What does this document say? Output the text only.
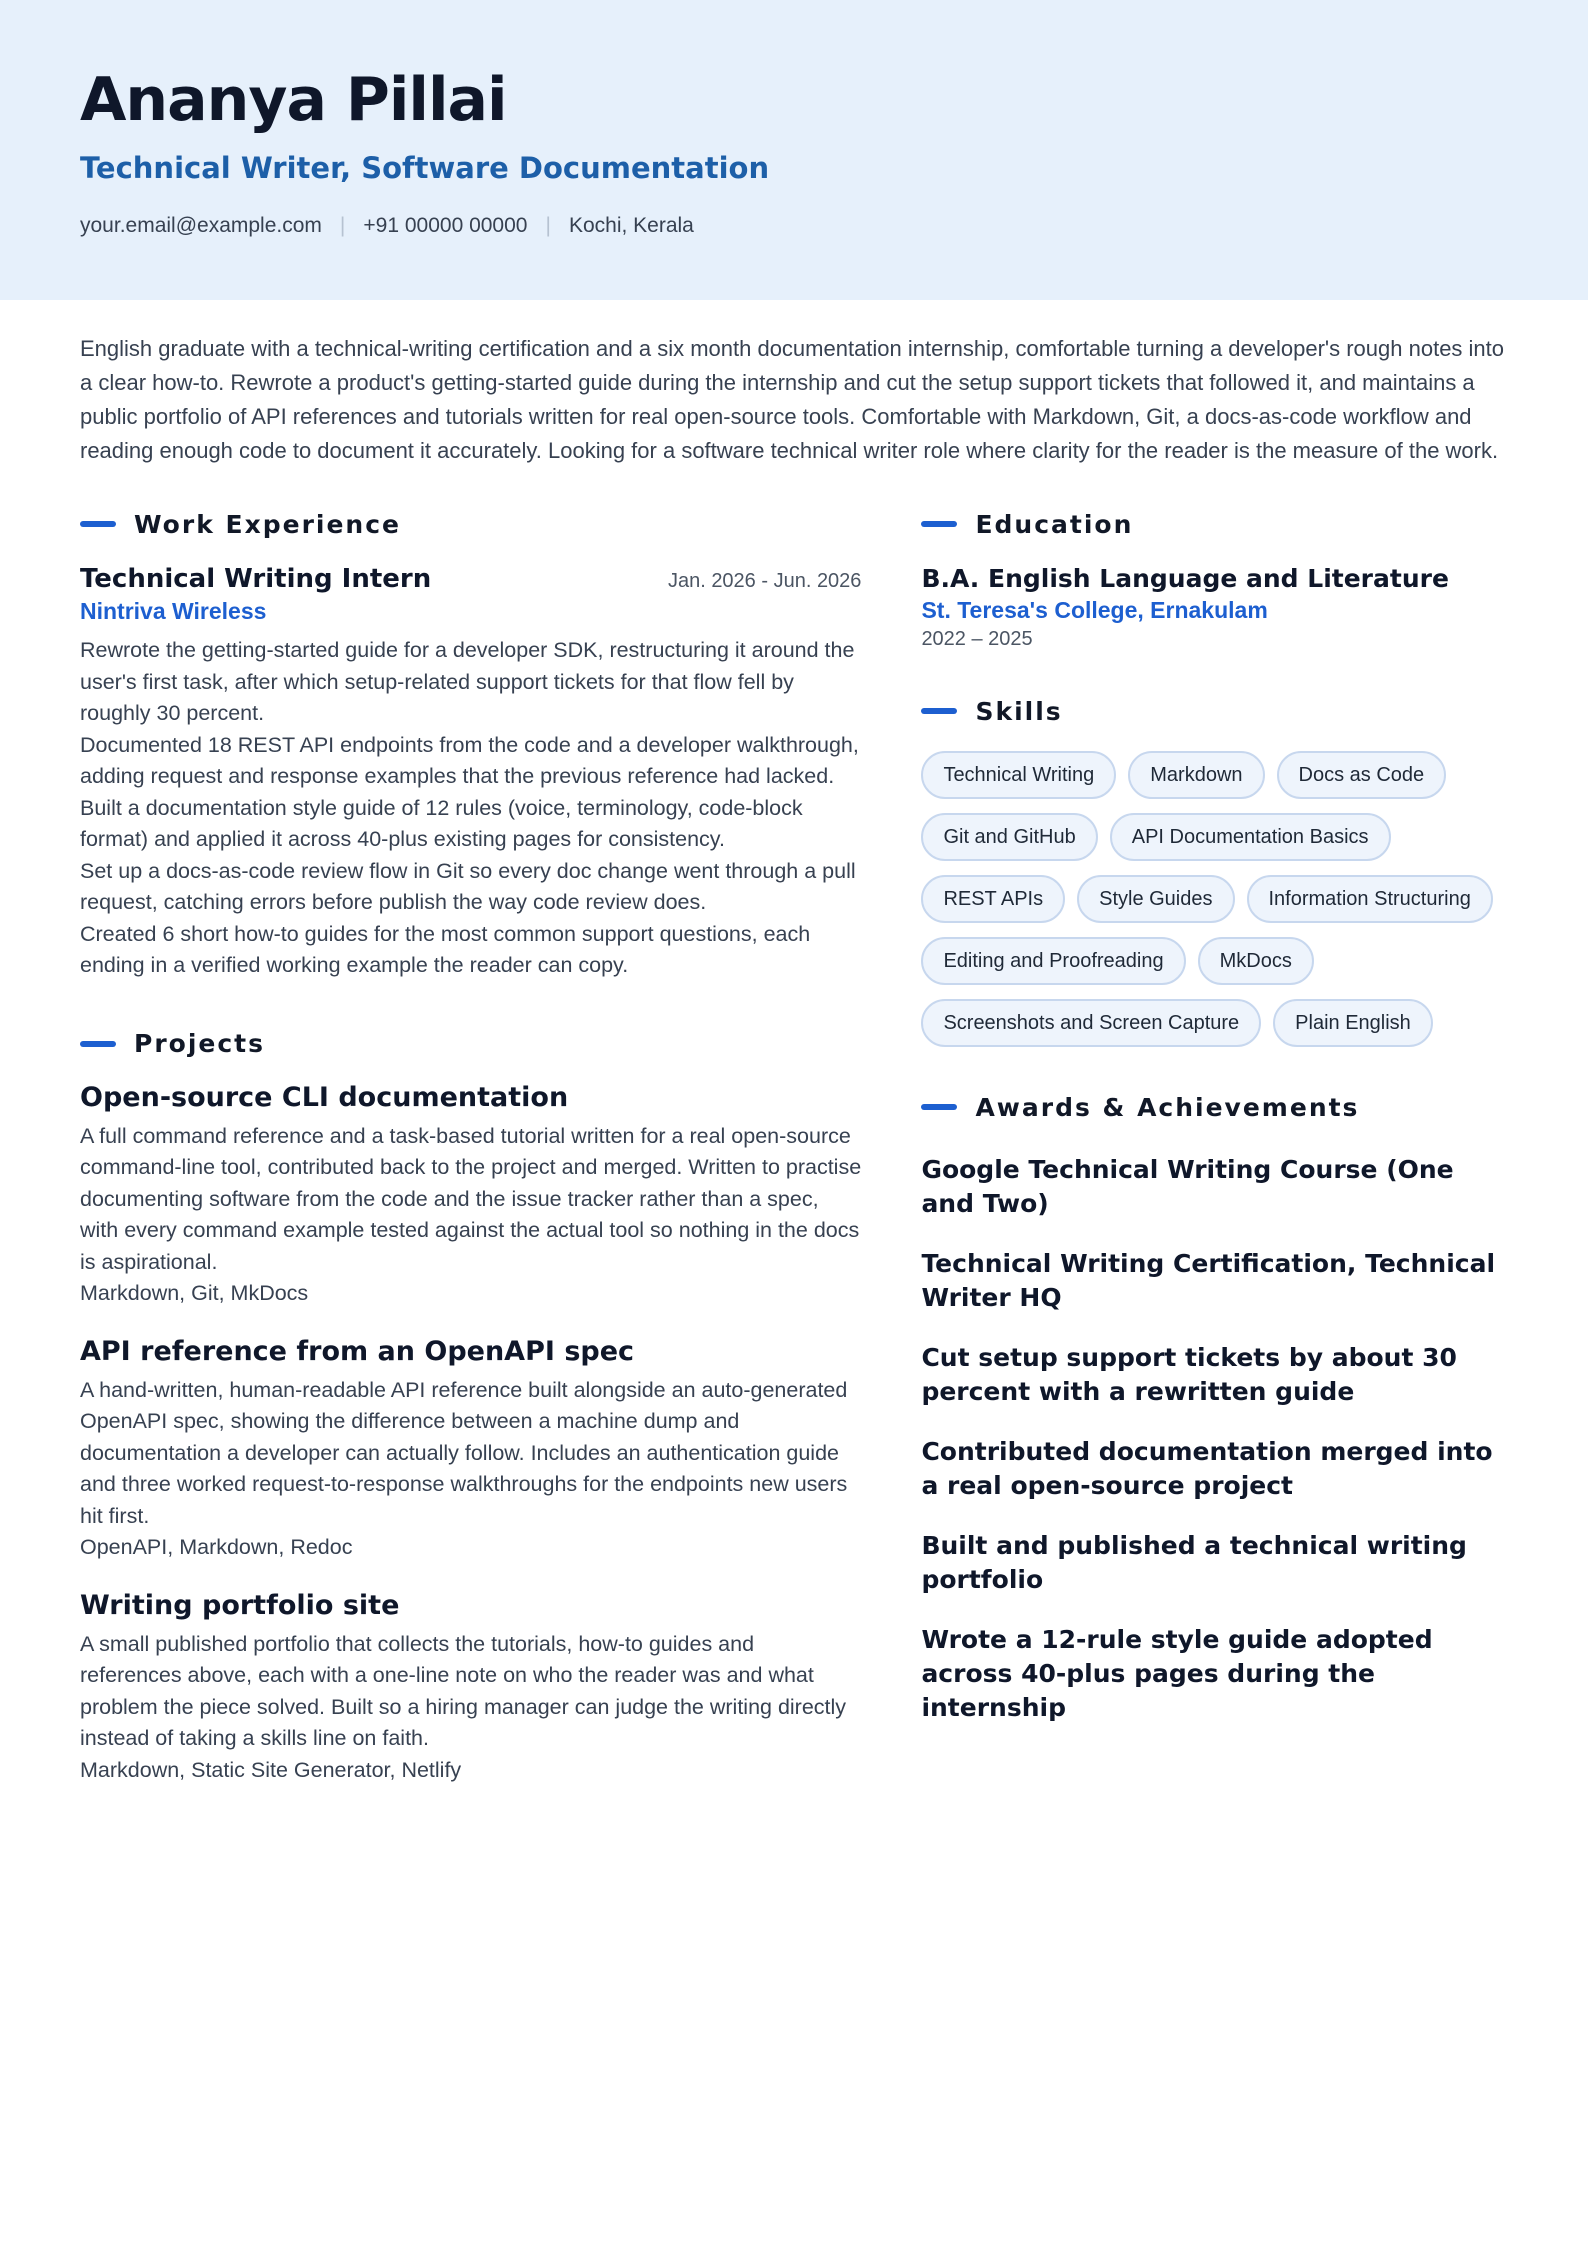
Ananya Pillai
Technical Writer, Software Documentation
your.email@example.com | +91 00000 00000 | Kochi, Kerala
English graduate with a technical-writing certification and a six month documentation internship, comfortable turning a developer's rough notes into a clear how-to. Rewrote a product's getting-started guide during the internship and cut the setup support tickets that followed it, and maintains a public portfolio of API references and tutorials written for real open-source tools. Comfortable with Markdown, Git, a docs-as-code workflow and reading enough code to document it accurately. Looking for a software technical writer role where clarity for the reader is the measure of the work.
Work Experience
Technical Writing Intern	Jan. 2026 - Jun. 2026
Nintriva Wireless
Rewrote the getting-started guide for a developer SDK, restructuring it around the user's first task, after which setup-related support tickets for that flow fell by roughly 30 percent.
Documented 18 REST API endpoints from the code and a developer walkthrough, adding request and response examples that the previous reference had lacked.
Built a documentation style guide of 12 rules (voice, terminology, code-block format) and applied it across 40-plus existing pages for consistency.
Set up a docs-as-code review flow in Git so every doc change went through a pull request, catching errors before publish the way code review does.
Created 6 short how-to guides for the most common support questions, each ending in a verified working example the reader can copy.
Projects
Open-source CLI documentation
A full command reference and a task-based tutorial written for a real open-source command-line tool, contributed back to the project and merged. Written to practise documenting software from the code and the issue tracker rather than a spec, with every command example tested against the actual tool so nothing in the docs is aspirational.
Markdown, Git, MkDocs
API reference from an OpenAPI spec
A hand-written, human-readable API reference built alongside an auto-generated OpenAPI spec, showing the difference between a machine dump and documentation a developer can actually follow. Includes an authentication guide and three worked request-to-response walkthroughs for the endpoints new users hit first.
OpenAPI, Markdown, Redoc
Writing portfolio site
A small published portfolio that collects the tutorials, how-to guides and references above, each with a one-line note on who the reader was and what problem the piece solved. Built so a hiring manager can judge the writing directly instead of taking a skills line on faith.
Markdown, Static Site Generator, Netlify
Education
B.A. English Language and Literature
St. Teresa's College, Ernakulam
2022 – 2025
Skills
Technical Writing	Markdown	Docs as Code
Git and GitHub	API Documentation Basics
REST APIs	Style Guides	Information Structuring
Editing and Proofreading	MkDocs
Screenshots and Screen Capture	Plain English
Awards & Achievements
Google Technical Writing Course (One and Two)
Technical Writing Certification, Technical Writer HQ
Cut setup support tickets by about 30 percent with a rewritten guide
Contributed documentation merged into a real open-source project
Built and published a technical writing portfolio
Wrote a 12-rule style guide adopted across 40-plus pages during the internship
